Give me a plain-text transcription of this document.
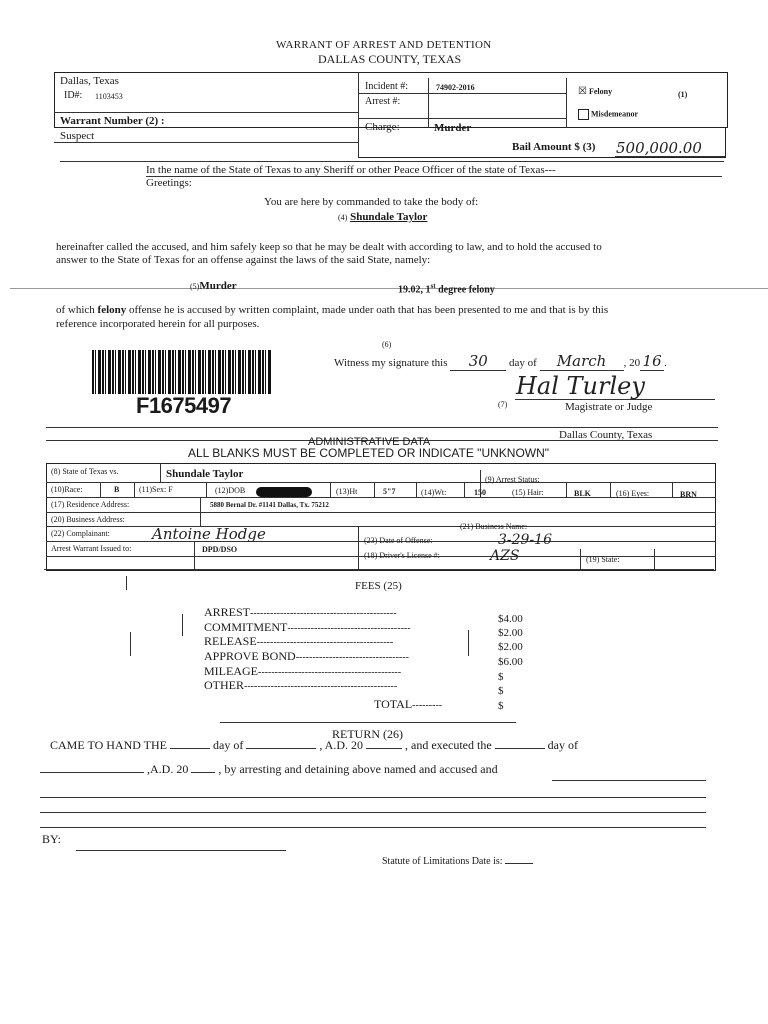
WARRANT OF ARREST AND DETENTION
DALLAS COUNTY, TEXAS
Dallas, Texas
ID#: 1103453
Incident #:	74902-2016
Arrest #:
☒ Felony	(1)
Misdemeanor
Warrant Number (2) :
Suspect
Charge:	Murder
Bail Amount $ (3) 500,000.00
In the name of the State of Texas to any Sheriff or other Peace Officer of the state of Texas---
Greetings:
You are here by commanded to take the body of:
(4) Shundale Taylor
hereinafter called the accused, and him safely keep so that he may be dealt with according to law, and to hold the accused to
answer to the State of Texas for an offense against the laws of the said State, namely:
(5)Murder	19.02, 1st degree felony
of which felony offense he is accused by written complaint, made under oath that has been presented to me and that is by this
reference incorporated herein for all purposes.
(6)
Witness my signature this 30 day of March , 20 16 .
F1675497
Hal Turley
(7)	Magistrate or Judge
Dallas County, Texas
ADMINISTRATIVE DATA
ALL BLANKS MUST BE COMPLETED OR INDICATE "UNKNOWN"
(8) State of Texas vs.	Shundale Taylor	(9) Arrest Status:
(10)Race:	B (11)Sex: F	(12)DOB	(13)Ht	5"7	(14)Wt:	150	(15) Hair:	BLK	(16) Eyes:	BRN
(17) Residence Address:	5880 Bernal Dr. #1141 Dallas, Tx. 75212
(20) Business Address:
(21) Business Name:
(22) Complainant:	Antoine Hodge	(23) Date of Offense:	3-29-16
Arrest Warrant Issued to:	DPD/DSO
(18) Driver's License #:	AZS	(19) State:
FEES (25)
ARREST--------------------------------------------	$4.00
COMMITMENT-------------------------------------	$2.00
RELEASE-----------------------------------------	$2.00
APPROVE BOND----------------------------------	$6.00
MILEAGE-------------------------------------------	$
OTHER----------------------------------------------	$
TOTAL---------	$
RETURN (26)
CAME TO HAND THE	day of	, A.D. 20	, and executed the	day of
,A.D. 20	, by arresting and detaining above named and accused and
BY:
Statute of Limitations Date is:
